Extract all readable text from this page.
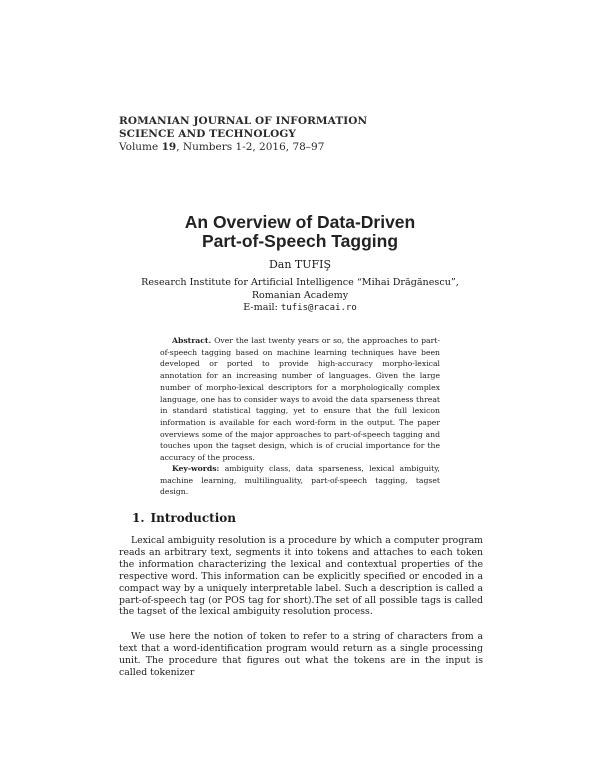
ROMANIAN JOURNAL OF INFORMATION
SCIENCE AND TECHNOLOGY
Volume 19, Numbers 1-2, 2016, 78–97
An Overview of Data-Driven
Part-of-Speech Tagging
Dan TUFIŞ
Research Institute for Artificial Intelligence “Mihai Drăgănescu”,
Romanian Academy
E-mail: tufis@racai.ro
Abstract. Over the last twenty years or so, the approaches to part-of-speech tagging based on machine learning techniques have been developed or ported to provide high-accuracy morpho-lexical annotation for an increasing number of languages. Given the large number of morpho-lexical descriptors for a morphologically complex language, one has to consider ways to avoid the data sparseness threat in standard statistical tagging, yet to ensure that the full lexicon information is available for each word-form in the output. The paper overviews some of the major approaches to part-of-speech tagging and touches upon the tagset design, which is of crucial importance for the accuracy of the process.
Key-words: ambiguity class, data sparseness, lexical ambiguity, machine learning, multilinguality, part-of-speech tagging, tagset design.
1. Introduction
Lexical ambiguity resolution is a procedure by which a computer program reads an arbitrary text, segments it into tokens and attaches to each token the information characterizing the lexical and contextual properties of the respective word. This information can be explicitly specified or encoded in a compact way by a uniquely interpretable label. Such a description is called a part-of-speech tag (or POS tag for short).The set of all possible tags is called the tagset of the lexical ambiguity resolution process.
We use here the notion of token to refer to a string of characters from a text that a word-identification program would return as a single processing unit. The procedure that figures out what the tokens are in the input is called tokenizer
